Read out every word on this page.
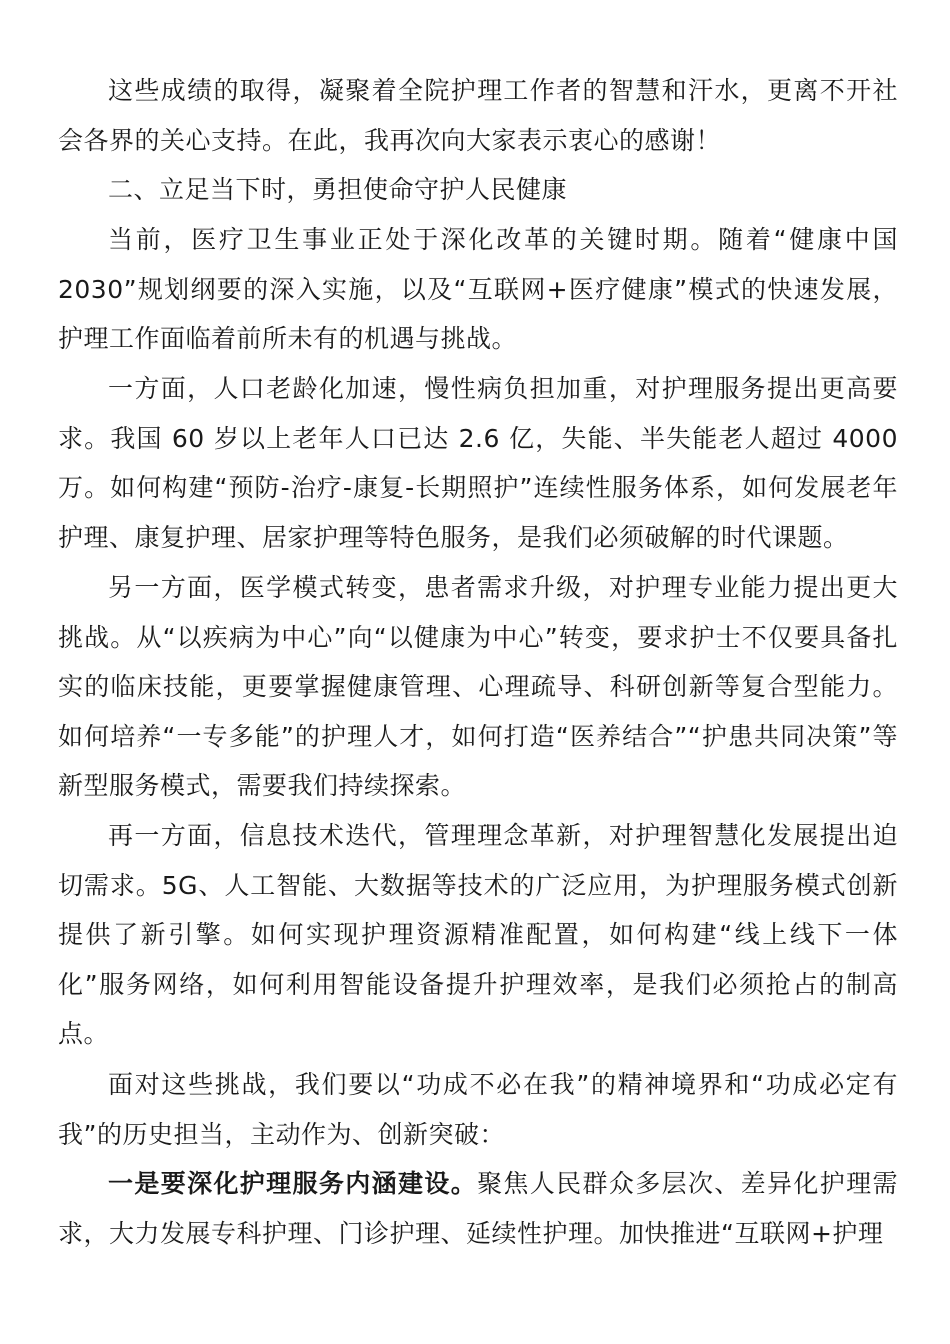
这些成绩的取得，凝聚着全院护理工作者的智慧和汗水，更离不开社会各界的关心支持。在此，我再次向大家表示衷心的感谢！

二、立足当下时，勇担使命守护人民健康

当前，医疗卫生事业正处于深化改革的关键时期。随着“健康中国2030”规划纲要的深入实施，以及“互联网+医疗健康”模式的快速发展，护理工作面临着前所未有的机遇与挑战。

一方面，人口老龄化加速，慢性病负担加重，对护理服务提出更高要求。我国 60 岁以上老年人口已达 2.6 亿，失能、半失能老人超过 4000 万。如何构建“预防-治疗-康复-长期照护”连续性服务体系，如何发展老年护理、康复护理、居家护理等特色服务，是我们必须破解的时代课题。

另一方面，医学模式转变，患者需求升级，对护理专业能力提出更大挑战。从“以疾病为中心”向“以健康为中心”转变，要求护士不仅要具备扎实的临床技能，更要掌握健康管理、心理疏导、科研创新等复合型能力。如何培养“一专多能”的护理人才，如何打造“医养结合”“护患共同决策”等新型服务模式，需要我们持续探索。

再一方面，信息技术迭代，管理理念革新，对护理智慧化发展提出迫切需求。5G、人工智能、大数据等技术的广泛应用，为护理服务模式创新提供了新引擎。如何实现护理资源精准配置，如何构建“线上线下一体化”服务网络，如何利用智能设备提升护理效率，是我们必须抢占的制高点。

面对这些挑战，我们要以“功成不必在我”的精神境界和“功成必定有我”的历史担当，主动作为、创新突破：

一是要深化护理服务内涵建设。聚焦人民群众多层次、差异化护理需求，大力发展专科护理、门诊护理、延续性护理。加快推进“互联网+护理
